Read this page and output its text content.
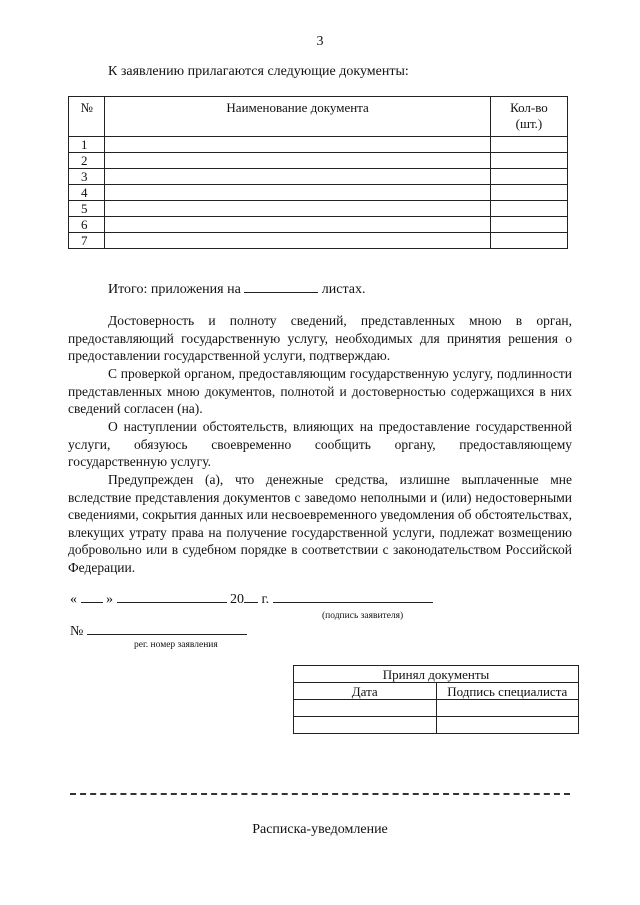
3
К заявлению прилагаются следующие документы:
№	Наименование документа	Кол-во
(шт.)
1		
2		
3		
4		
5		
6		
7		
Итого: приложения на	листах.

Достоверность и полноту сведений, представленных мною в орган, предоставляющий государственную услугу, необходимых для принятия решения о предоставлении государственной услуги, подтверждаю.

С проверкой органом, предоставляющим государственную услугу, подлинности представленных мною документов, полнотой и достоверностью содержащихся в них сведений согласен (на).

О наступлении обстоятельств, влияющих на предоставление государственной услуги, обязуюсь своевременно сообщить органу, предоставляющему государственную услугу.

Предупрежден (а), что денежные средства, излишне выплаченные мне вследствие представления документов с заведомо неполными и (или) недостоверными сведениями, сокрытия данных или несвоевременного уведомления об обстоятельствах, влекущих утрату права на получение государственной услуги, подлежат возмещению добровольно или в судебном порядке в соответствии с законодательством Российской Федерации.

« »	20 г.
(подпись заявителя)
№
рег. номер заявления
Принял документы	
Дата	Подпись специалиста

Расписка-уведомление
